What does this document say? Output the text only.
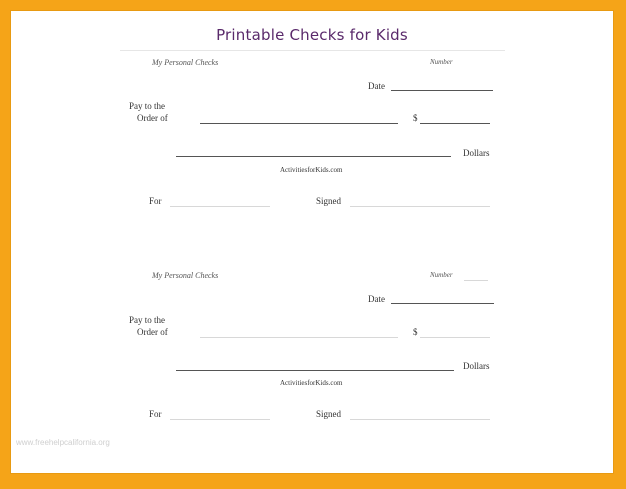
Printable Checks for Kids
My Personal Checks	Number
Date
Pay to the
Order of	$
Dollars
ActivitiesforKids.com
For	Signed
My Personal Checks	Number
Date
Pay to the
Order of	$
Dollars
ActivitiesforKids.com
For	Signed
www.freehelpcalifornia.org
